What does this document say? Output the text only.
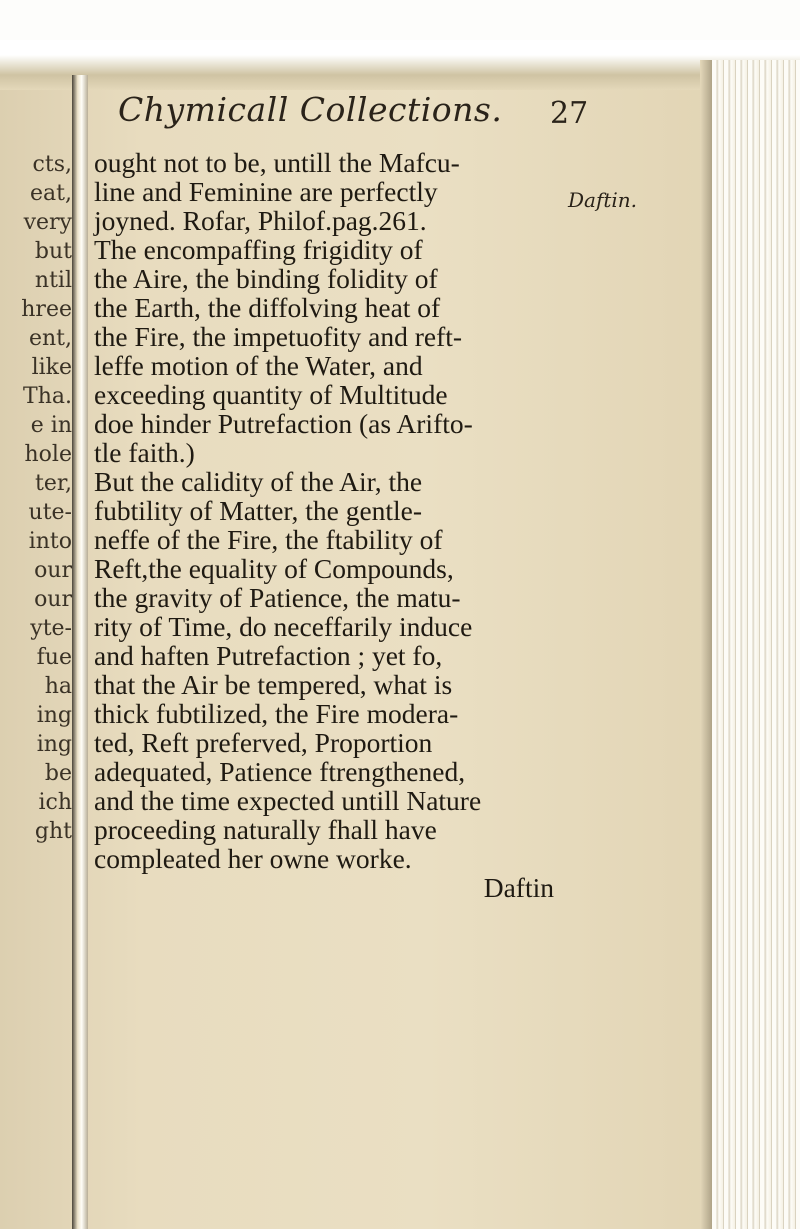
cts,
eat,
very
but
ntil
hree
ent,
like
Tha.
e in
hole
ter,
ute-
into
our
our
yte-
fue
ha
ing
ing
be
ich
ght
Chymicall Collections. 27
Daftin.
ought not to be, untill the Mafcu-
line and Feminine are perfectly
joyned. Rofar, Philof.pag.261.
The encompaffing frigidity of
the Aire, the binding folidity of
the Earth, the diffolving heat of
the Fire, the impetuofity and reft-
leffe motion of the Water, and
exceeding quantity of Multitude
doe hinder Putrefaction (as Arifto-
tle faith.)
But the calidity of the Air, the
fubtility of Matter, the gentle-
neffe of the Fire, the ftability of
Reft,the equality of Compounds,
the gravity of Patience, the matu-
rity of Time, do neceffarily induce
and haften Putrefaction ; yet fo,
that the Air be tempered, what is
thick fubtilized, the Fire modera-
ted, Reft preferved, Proportion
adequated, Patience ftrengthened,
and the time expected untill Nature
proceeding naturally fhall have
compleated her owne worke.
Daftin
